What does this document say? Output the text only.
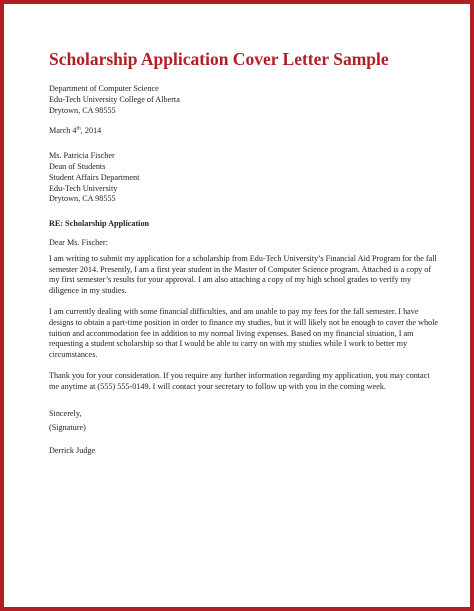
Scholarship Application Cover Letter Sample
Department of Computer Science
Edu-Tech University College of Alberta
Drytown, CA 98555
March 4th, 2014
Ms. Patricia Fischer
Dean of Students
Student Affairs Department
Edu-Tech University
Drytown, CA 98555
RE: Scholarship Application
Dear Ms. Fischer:

I am writing to submit my application for a scholarship from Edu-Tech University’s Financial Aid Program for the fall semester 2014. Presently, I am a first year student in the Master of Computer Science program. Attached is a copy of my first semester’s results for your approval. I am also attaching a copy of my high school grades to verify my diligence in my studies.

I am currently dealing with some financial difficulties, and am unable to pay my fees for the fall semester. I have designs to obtain a part-time position in order to finance my studies, but it will likely not be enough to cover the whole tuition and accommodation fee in addition to my normal living expenses. Based on my financial situation, I am requesting a student scholarship so that I would be able to carry on with my studies while I work to better my circumstances.

Thank you for your consideration. If you require any further information regarding my application, you may contact me anytime at (555) 555-0149. I will contact your secretary to follow up with you in the coming week.

Sincerely,
(Signature)
Derrick Judge
